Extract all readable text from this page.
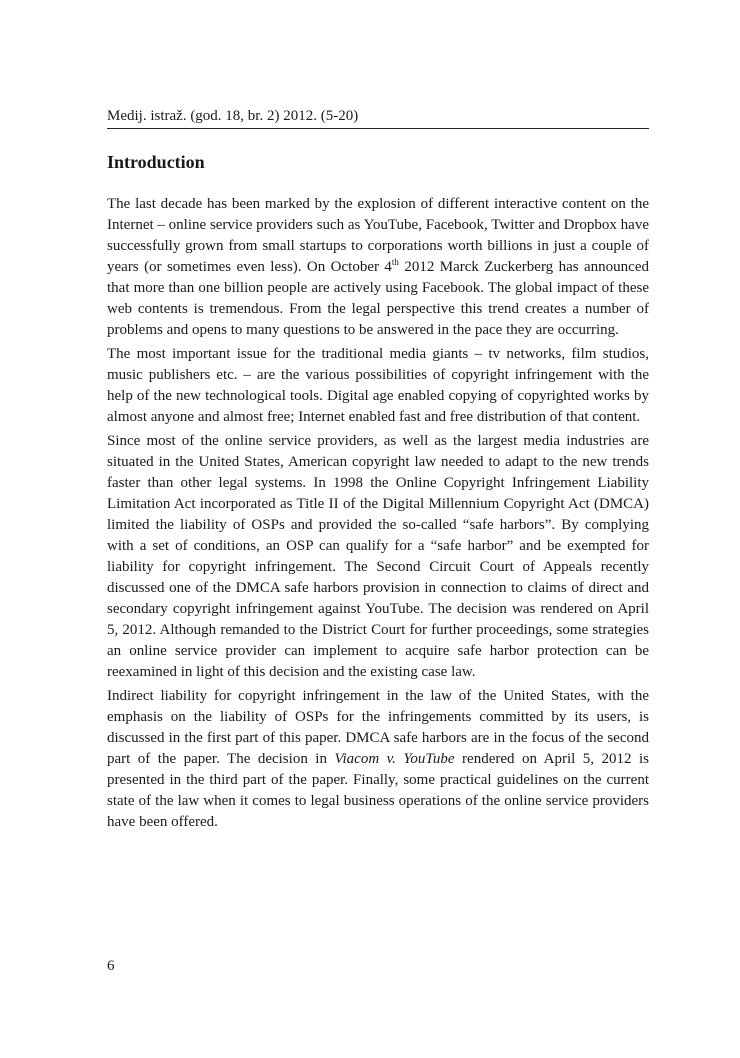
Medij. istraž. (god. 18, br. 2) 2012. (5-20)
Introduction

The last decade has been marked by the explosion of different interactive content on the Internet – online service providers such as YouTube, Facebook, Twitter and Dropbox have successfully grown from small startups to corporations worth billions in just a couple of years (or sometimes even less). On October 4th 2012 Marck Zuckerberg has announced that more than one billion people are actively using Facebook. The global impact of these web contents is tremendous. From the legal perspective this trend creates a number of problems and opens to many questions to be answered in the pace they are occurring.

The most important issue for the traditional media giants – tv networks, film studios, music publishers etc. – are the various possibilities of copyright infringement with the help of the new technological tools. Digital age enabled copying of copyrighted works by almost anyone and almost free; Internet enabled fast and free distribution of that content.

Since most of the online service providers, as well as the largest media industries are situated in the United States, American copyright law needed to adapt to the new trends faster than other legal systems. In 1998 the Online Copyright Infringement Liability Limitation Act incorporated as Title II of the Digital Millennium Copyright Act (DMCA) limited the liability of OSPs and provided the so-called “safe harbors”. By complying with a set of conditions, an OSP can qualify for a “safe harbor” and be exempted for liability for copyright infringement. The Second Circuit Court of Appeals recently discussed one of the DMCA safe harbors provision in connection to claims of direct and secondary copyright infringement against YouTube. The decision was rendered on April 5, 2012. Although remanded to the District Court for further proceedings, some strategies an online service provider can implement to acquire safe harbor protection can be reexamined in light of this decision and the existing case law.

Indirect liability for copyright infringement in the law of the United States, with the emphasis on the liability of OSPs for the infringements committed by its users, is discussed in the first part of this paper. DMCA safe harbors are in the focus of the second part of the paper. The decision in Viacom v. YouTube rendered on April 5, 2012 is presented in the third part of the paper. Finally, some practical guidelines on the current state of the law when it comes to legal business operations of the online service providers have been offered.

6
